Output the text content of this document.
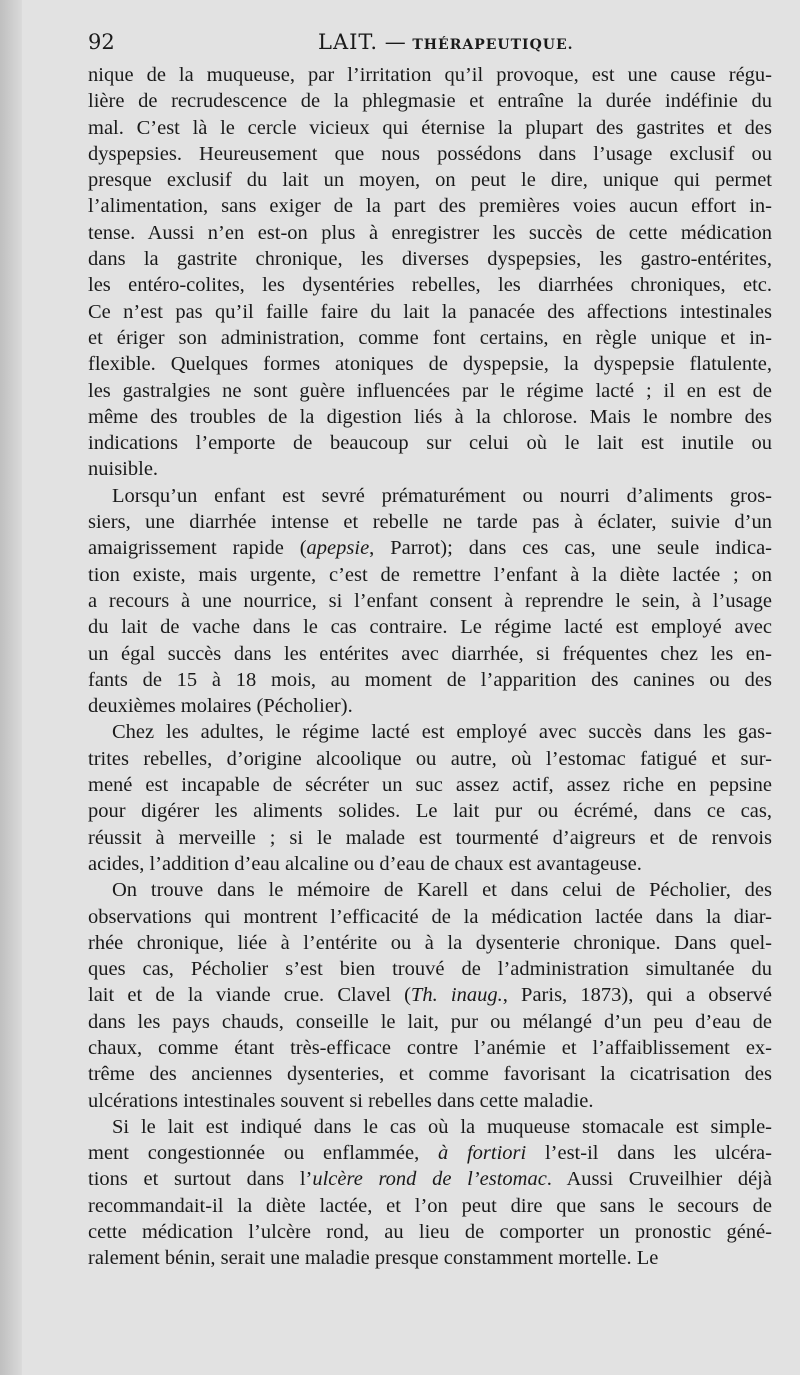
92	LAIT. — THÉRAPEUTIQUE.
nique de la muqueuse, par l’irritation qu’il provoque, est une cause régu-
lière de recrudescence de la phlegmasie et entraîne la durée indéfinie du
mal. C’est là le cercle vicieux qui éternise la plupart des gastrites et des
dyspepsies. Heureusement que nous possédons dans l’usage exclusif ou
presque exclusif du lait un moyen, on peut le dire, unique qui permet
l’alimentation, sans exiger de la part des premières voies aucun effort in-
tense. Aussi n’en est-on plus à enregistrer les succès de cette médication
dans la gastrite chronique, les diverses dyspepsies, les gastro-entérites,
les entéro-colites, les dysentéries rebelles, les diarrhées chroniques, etc.
Ce n’est pas qu’il faille faire du lait la panacée des affections intestinales
et ériger son administration, comme font certains, en règle unique et in-
flexible. Quelques formes atoniques de dyspepsie, la dyspepsie flatulente,
les gastralgies ne sont guère influencées par le régime lacté ; il en est de
même des troubles de la digestion liés à la chlorose. Mais le nombre des
indications l’emporte de beaucoup sur celui où le lait est inutile ou
nuisible.
Lorsqu’un enfant est sevré prématurément ou nourri d’aliments gros-
siers, une diarrhée intense et rebelle ne tarde pas à éclater, suivie d’un
amaigrissement rapide (apepsie, Parrot); dans ces cas, une seule indica-
tion existe, mais urgente, c’est de remettre l’enfant à la diète lactée ; on
a recours à une nourrice, si l’enfant consent à reprendre le sein, à l’usage
du lait de vache dans le cas contraire. Le régime lacté est employé avec
un égal succès dans les entérites avec diarrhée, si fréquentes chez les en-
fants de 15 à 18 mois, au moment de l’apparition des canines ou des
deuxièmes molaires (Pécholier).
Chez les adultes, le régime lacté est employé avec succès dans les gas-
trites rebelles, d’origine alcoolique ou autre, où l’estomac fatigué et sur-
mené est incapable de sécréter un suc assez actif, assez riche en pepsine
pour digérer les aliments solides. Le lait pur ou écrémé, dans ce cas,
réussit à merveille ; si le malade est tourmenté d’aigreurs et de renvois
acides, l’addition d’eau alcaline ou d’eau de chaux est avantageuse.
On trouve dans le mémoire de Karell et dans celui de Pécholier, des
observations qui montrent l’efficacité de la médication lactée dans la diar-
rhée chronique, liée à l’entérite ou à la dysenterie chronique. Dans quel-
ques cas, Pécholier s’est bien trouvé de l’administration simultanée du
lait et de la viande crue. Clavel (Th. inaug., Paris, 1873), qui a observé
dans les pays chauds, conseille le lait, pur ou mélangé d’un peu d’eau de
chaux, comme étant très-efficace contre l’anémie et l’affaiblissement ex-
trême des anciennes dysenteries, et comme favorisant la cicatrisation des
ulcérations intestinales souvent si rebelles dans cette maladie.
Si le lait est indiqué dans le cas où la muqueuse stomacale est simple-
ment congestionnée ou enflammée, à fortiori l’est-il dans les ulcéra-
tions et surtout dans l’ulcère rond de l’estomac. Aussi Cruveilhier déjà
recommandait-il la diète lactée, et l’on peut dire que sans le secours de
cette médication l’ulcère rond, au lieu de comporter un pronostic géné-
ralement bénin, serait une maladie presque constamment mortelle. Le
